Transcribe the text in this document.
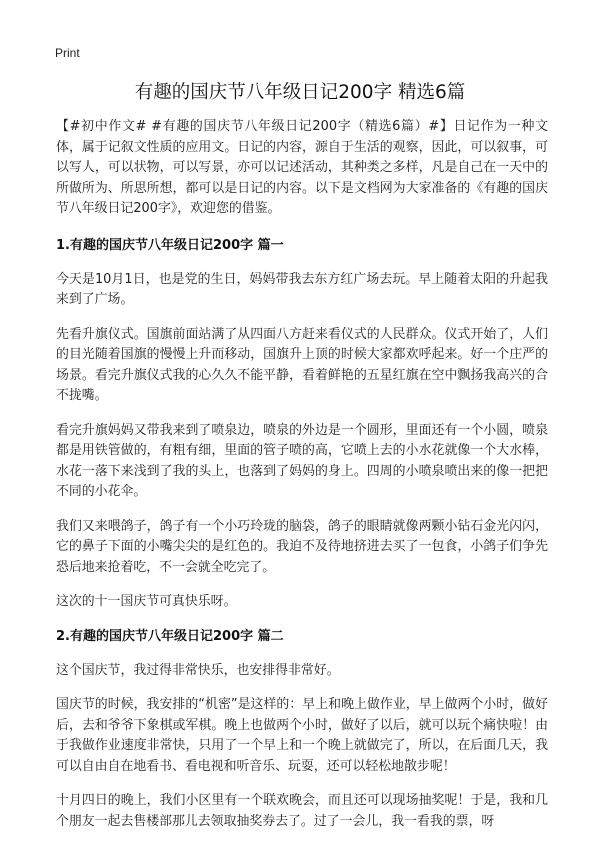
Print
有趣的国庆节八年级日记200字 精选6篇

【#初中作文# #有趣的国庆节八年级日记200字（精选6篇）#】日记作为一种文体，属于记叙文性质的应用文。日记的内容，源自于生活的观察，因此，可以叙事，可以写人，可以状物，可以写景，亦可以记述活动，其种类之多样，凡是自己在一天中的所做所为、所思所想，都可以是日记的内容。以下是文档网为大家准备的《有趣的国庆节八年级日记200字》，欢迎您的借鉴。

1.有趣的国庆节八年级日记200字 篇一

今天是10月1日，也是党的生日，妈妈带我去东方红广场去玩。早上随着太阳的升起我来到了广场。

先看升旗仪式。国旗前面站满了从四面八方赶来看仪式的人民群众。仪式开始了，人们的目光随着国旗的慢慢上升而移动，国旗升上顶的时候大家都欢呼起来。好一个庄严的场景。看完升旗仪式我的心久久不能平静，看着鲜艳的五星红旗在空中飘扬我高兴的合不拢嘴。

看完升旗妈妈又带我来到了喷泉边，喷泉的外边是一个圆形，里面还有一个小圆，喷泉都是用铁管做的，有粗有细，里面的管子喷的高，它喷上去的小水花就像一个大水棒，水花一落下来浅到了我的头上，也落到了妈妈的身上。四周的小喷泉喷出来的像一把把不同的小花伞。

我们又来喂鸽子，鸽子有一个小巧玲珑的脑袋，鸽子的眼睛就像两颗小钻石金光闪闪，它的鼻子下面的小嘴尖尖的是红色的。我迫不及待地挤进去买了一包食，小鸽子们争先恐后地来抢着吃，不一会就全吃完了。

这次的十一国庆节可真快乐呀。

2.有趣的国庆节八年级日记200字 篇二

这个国庆节，我过得非常快乐，也安排得非常好。

国庆节的时候，我安排的“机密”是这样的：早上和晚上做作业，早上做两个小时，做好后，去和爷爷下象棋或军棋。晚上也做两个小时，做好了以后，就可以玩个痛快啦！由于我做作业速度非常快，只用了一个早上和一个晚上就做完了，所以，在后面几天，我可以自由自在地看书、看电视和听音乐、玩耍，还可以轻松地散步呢！

十月四日的晚上，我们小区里有一个联欢晚会，而且还可以现场抽奖呢！于是，我和几个朋友一起去售楼部那儿去领取抽奖券去了。过了一会儿，我一看我的票，呀
